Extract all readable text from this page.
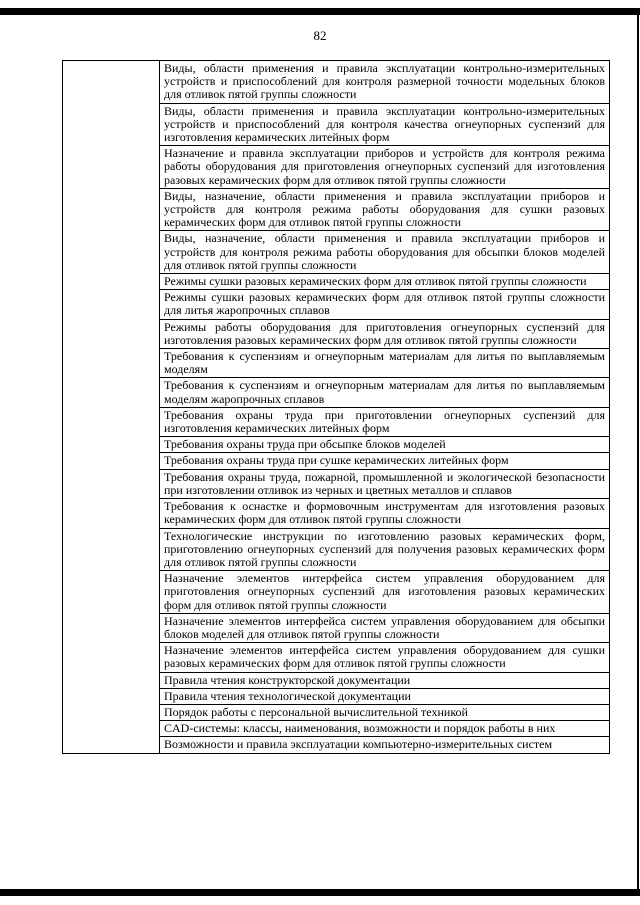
82
Виды, области применения и правила эксплуатации контрольно-измерительных устройств и приспособлений для контроля размерной точности модельных блоков для отливок пятой группы сложности
Виды, области применения и правила эксплуатации контрольно-измерительных устройств и приспособлений для контроля качества огнеупорных суспензий для изготовления керамических литейных форм
Назначение и правила эксплуатации приборов и устройств для контроля режима работы оборудования для приготовления огнеупорных суспензий для изготовления разовых керамических форм для отливок пятой группы сложности
Виды, назначение, области применения и правила эксплуатации приборов и устройств для контроля режима работы оборудования для сушки разовых керамических форм для отливок пятой группы сложности
Виды, назначение, области применения и правила эксплуатации приборов и устройств для контроля режима работы оборудования для обсыпки блоков моделей для отливок пятой группы сложности
Режимы сушки разовых керамических форм для отливок пятой группы сложности
Режимы сушки разовых керамических форм для отливок пятой группы сложности для литья жаропрочных сплавов
Режимы работы оборудования для приготовления огнеупорных суспензий для изготовления разовых керамических форм для отливок пятой группы сложности
Требования к суспензиям и огнеупорным материалам для литья по выплавляемым моделям
Требования к суспензиям и огнеупорным материалам для литья по выплавляемым моделям жаропрочных сплавов
Требования охраны труда при приготовлении огнеупорных суспензий для изготовления керамических литейных форм
Требования охраны труда при обсыпке блоков моделей
Требования охраны труда при сушке керамических литейных форм
Требования охраны труда, пожарной, промышленной и экологической безопасности при изготовлении отливок из черных и цветных металлов и сплавов
Требования к оснастке и формовочным инструментам для изготовления разовых керамических форм для отливок пятой группы сложности
Технологические инструкции по изготовлению разовых керамических форм, приготовлению огнеупорных суспензий для получения разовых керамических форм для отливок пятой группы сложности
Назначение элементов интерфейса систем управления оборудованием для приготовления огнеупорных суспензий для изготовления разовых керамических форм для отливок пятой группы сложности
Назначение элементов интерфейса систем управления оборудованием для обсыпки блоков моделей для отливок пятой группы сложности
Назначение элементов интерфейса систем управления оборудованием для сушки разовых керамических форм для отливок пятой группы сложности
Правила чтения конструкторской документации
Правила чтения технологической документации
Порядок работы с персональной вычислительной техникой
CAD-системы: классы, наименования, возможности и порядок работы в них
Возможности и правила эксплуатации компьютерно-измерительных систем
